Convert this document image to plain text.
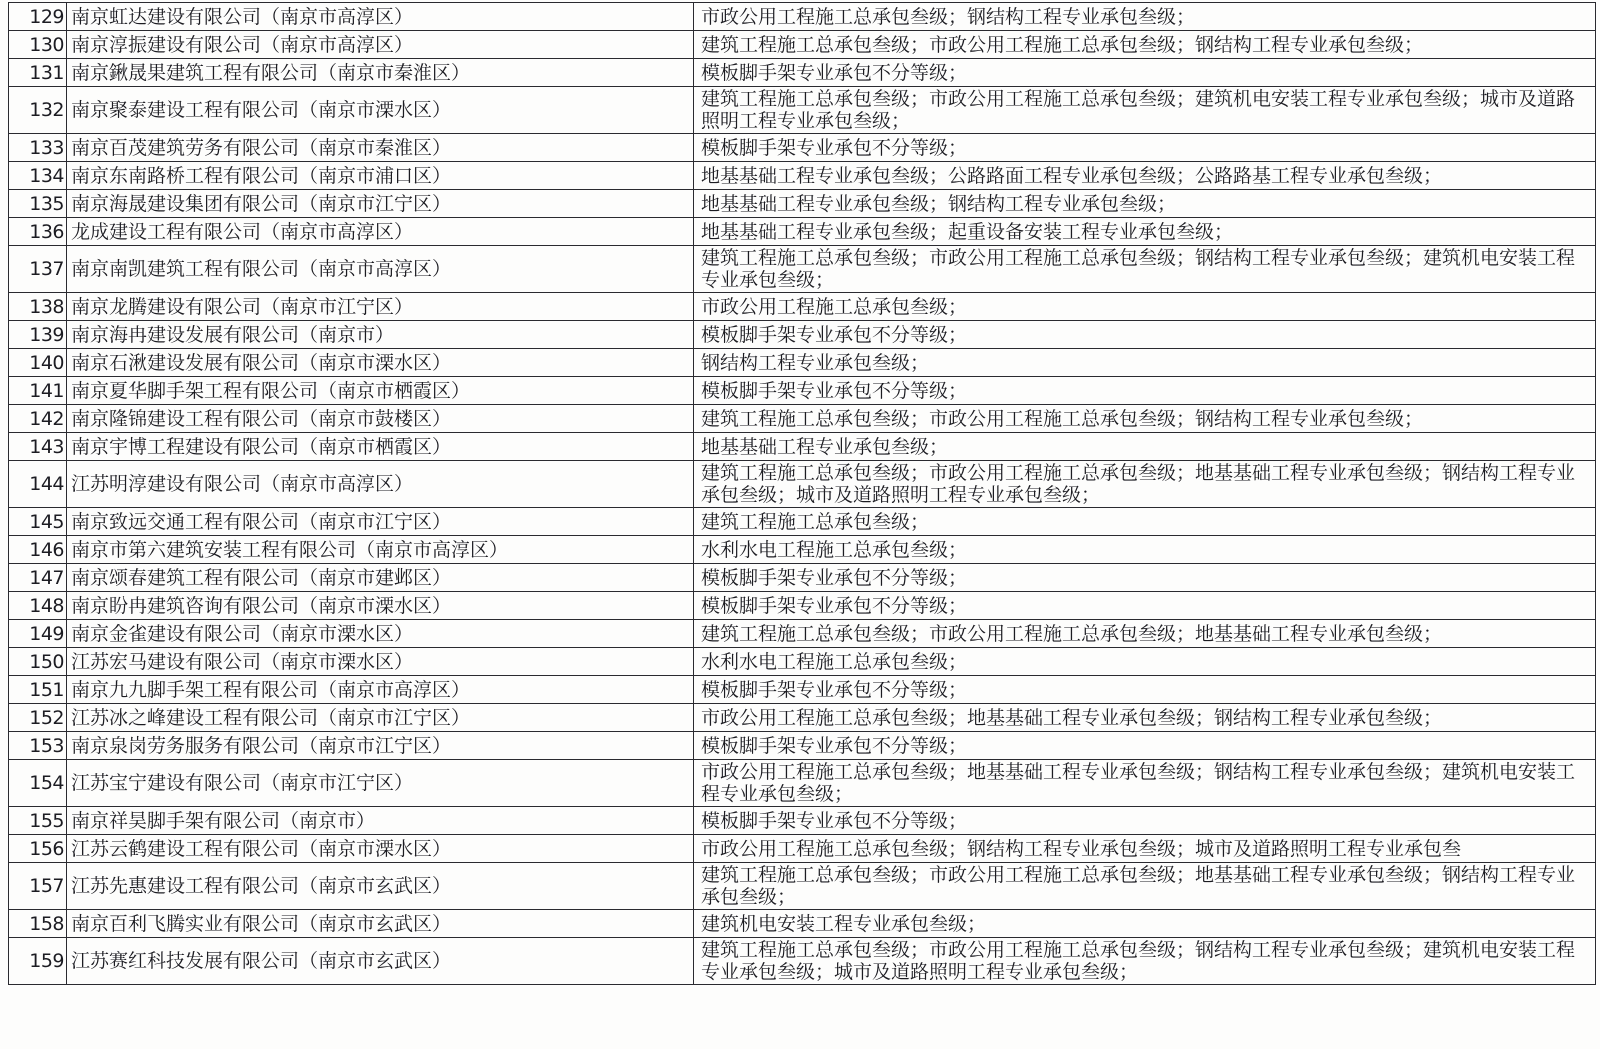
129	南京虹达建设有限公司（南京市高淳区）	市政公用工程施工总承包叁级；钢结构工程专业承包叁级；
130	南京淳振建设有限公司（南京市高淳区）	建筑工程施工总承包叁级；市政公用工程施工总承包叁级；钢结构工程专业承包叁级；
131	南京鍬晟果建筑工程有限公司（南京市秦淮区）	模板脚手架专业承包不分等级；
132	南京聚泰建设工程有限公司（南京市溧水区）	建筑工程施工总承包叁级；市政公用工程施工总承包叁级；建筑机电安装工程专业承包叁级；城市及道路照明工程专业承包叁级；
133	南京百茂建筑劳务有限公司（南京市秦淮区）	模板脚手架专业承包不分等级；
134	南京东南路桥工程有限公司（南京市浦口区）	地基基础工程专业承包叁级；公路路面工程专业承包叁级；公路路基工程专业承包叁级；
135	南京海晟建设集团有限公司（南京市江宁区）	地基基础工程专业承包叁级；钢结构工程专业承包叁级；
136	龙成建设工程有限公司（南京市高淳区）	地基基础工程专业承包叁级；起重设备安装工程专业承包叁级；
137	南京南凯建筑工程有限公司（南京市高淳区）	建筑工程施工总承包叁级；市政公用工程施工总承包叁级；钢结构工程专业承包叁级；建筑机电安装工程专业承包叁级；
138	南京龙腾建设有限公司（南京市江宁区）	市政公用工程施工总承包叁级；
139	南京海冉建设发展有限公司（南京市）	模板脚手架专业承包不分等级；
140	南京石湫建设发展有限公司（南京市溧水区）	钢结构工程专业承包叁级；
141	南京夏华脚手架工程有限公司（南京市栖霞区）	模板脚手架专业承包不分等级；
142	南京隆锦建设工程有限公司（南京市鼓楼区）	建筑工程施工总承包叁级；市政公用工程施工总承包叁级；钢结构工程专业承包叁级；
143	南京宇博工程建设有限公司（南京市栖霞区）	地基基础工程专业承包叁级；
144	江苏明淳建设有限公司（南京市高淳区）	建筑工程施工总承包叁级；市政公用工程施工总承包叁级；地基基础工程专业承包叁级；钢结构工程专业承包叁级；城市及道路照明工程专业承包叁级；
145	南京致远交通工程有限公司（南京市江宁区）	建筑工程施工总承包叁级；
146	南京市第六建筑安装工程有限公司（南京市高淳区）	水利水电工程施工总承包叁级；
147	南京颂春建筑工程有限公司（南京市建邺区）	模板脚手架专业承包不分等级；
148	南京盼冉建筑咨询有限公司（南京市溧水区）	模板脚手架专业承包不分等级；
149	南京金雀建设有限公司（南京市溧水区）	建筑工程施工总承包叁级；市政公用工程施工总承包叁级；地基基础工程专业承包叁级；
150	江苏宏马建设有限公司（南京市溧水区）	水利水电工程施工总承包叁级；
151	南京九九脚手架工程有限公司（南京市高淳区）	模板脚手架专业承包不分等级；
152	江苏冰之峰建设工程有限公司（南京市江宁区）	市政公用工程施工总承包叁级；地基基础工程专业承包叁级；钢结构工程专业承包叁级；
153	南京泉岗劳务服务有限公司（南京市江宁区）	模板脚手架专业承包不分等级；
154	江苏宝宁建设有限公司（南京市江宁区）	市政公用工程施工总承包叁级；地基基础工程专业承包叁级；钢结构工程专业承包叁级；建筑机电安装工程专业承包叁级；
155	南京祥昊脚手架有限公司（南京市）	模板脚手架专业承包不分等级；
156	江苏云鹤建设工程有限公司（南京市溧水区）	市政公用工程施工总承包叁级；钢结构工程专业承包叁级；城市及道路照明工程专业承包叁
157	江苏先惠建设工程有限公司（南京市玄武区）	建筑工程施工总承包叁级；市政公用工程施工总承包叁级；地基基础工程专业承包叁级；钢结构工程专业承包叁级；
158	南京百利飞腾实业有限公司（南京市玄武区）	建筑机电安装工程专业承包叁级；
159	江苏赛红科技发展有限公司（南京市玄武区）	建筑工程施工总承包叁级；市政公用工程施工总承包叁级；钢结构工程专业承包叁级；建筑机电安装工程专业承包叁级；城市及道路照明工程专业承包叁级；
